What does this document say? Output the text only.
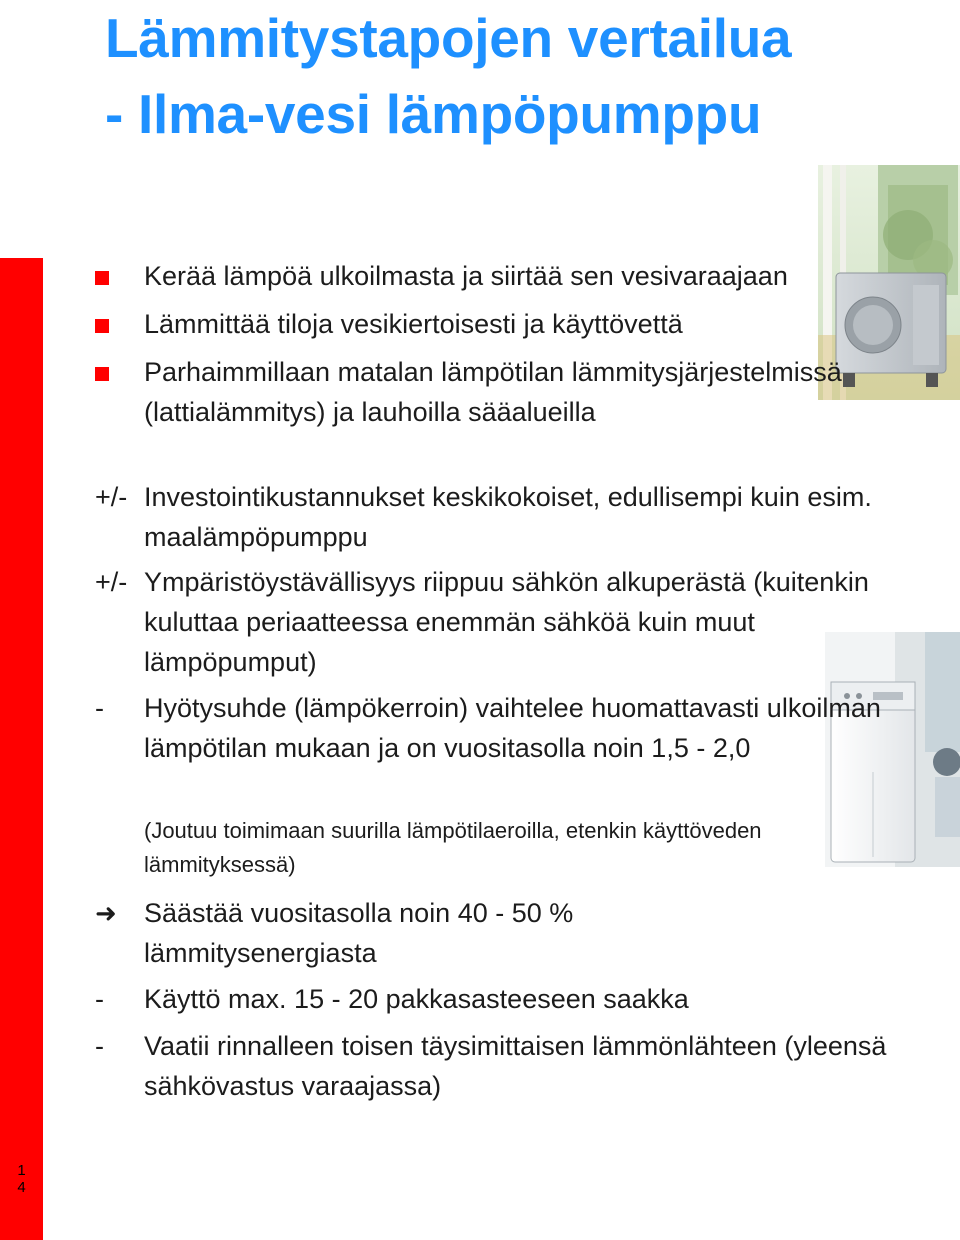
Lämmitystapojen vertailua
- Ilma-vesi lämpöpumppu
1
4
Kerää lämpöä ulkoilmasta ja siirtää sen vesivaraajaan
Lämmittää tiloja vesikiertoisesti ja käyttövettä
Parhaimmillaan matalan lämpötilan lämmitysjärjestelmissä (lattialämmitys) ja lauhoilla sääalueilla
+/- Investointikustannukset keskikokoiset, edullisempi kuin esim. maalämpöpumppu
+/- Ympäristöystävällisyys riippuu sähkön alkuperästä (kuitenkin kuluttaa periaatteessa enemmän sähköä kuin muut lämpöpumput)
-	Hyötysuhde (lämpökerroin) vaihtelee huomattavasti ulkoilman lämpötilan mukaan ja on vuositasolla noin 1,5 - 2,0
(Joutuu toimimaan suurilla lämpötilaeroilla, etenkin käyttöveden lämmityksessä)
➜	Säästää vuositasolla noin 40 - 50 % lämmitysenergiasta
-	Käyttö max. 15 - 20 pakkasasteeseen saakka
-	Vaatii rinnalleen toisen täysimittaisen lämmönlähteen (yleensä sähkövastus varaajassa)
